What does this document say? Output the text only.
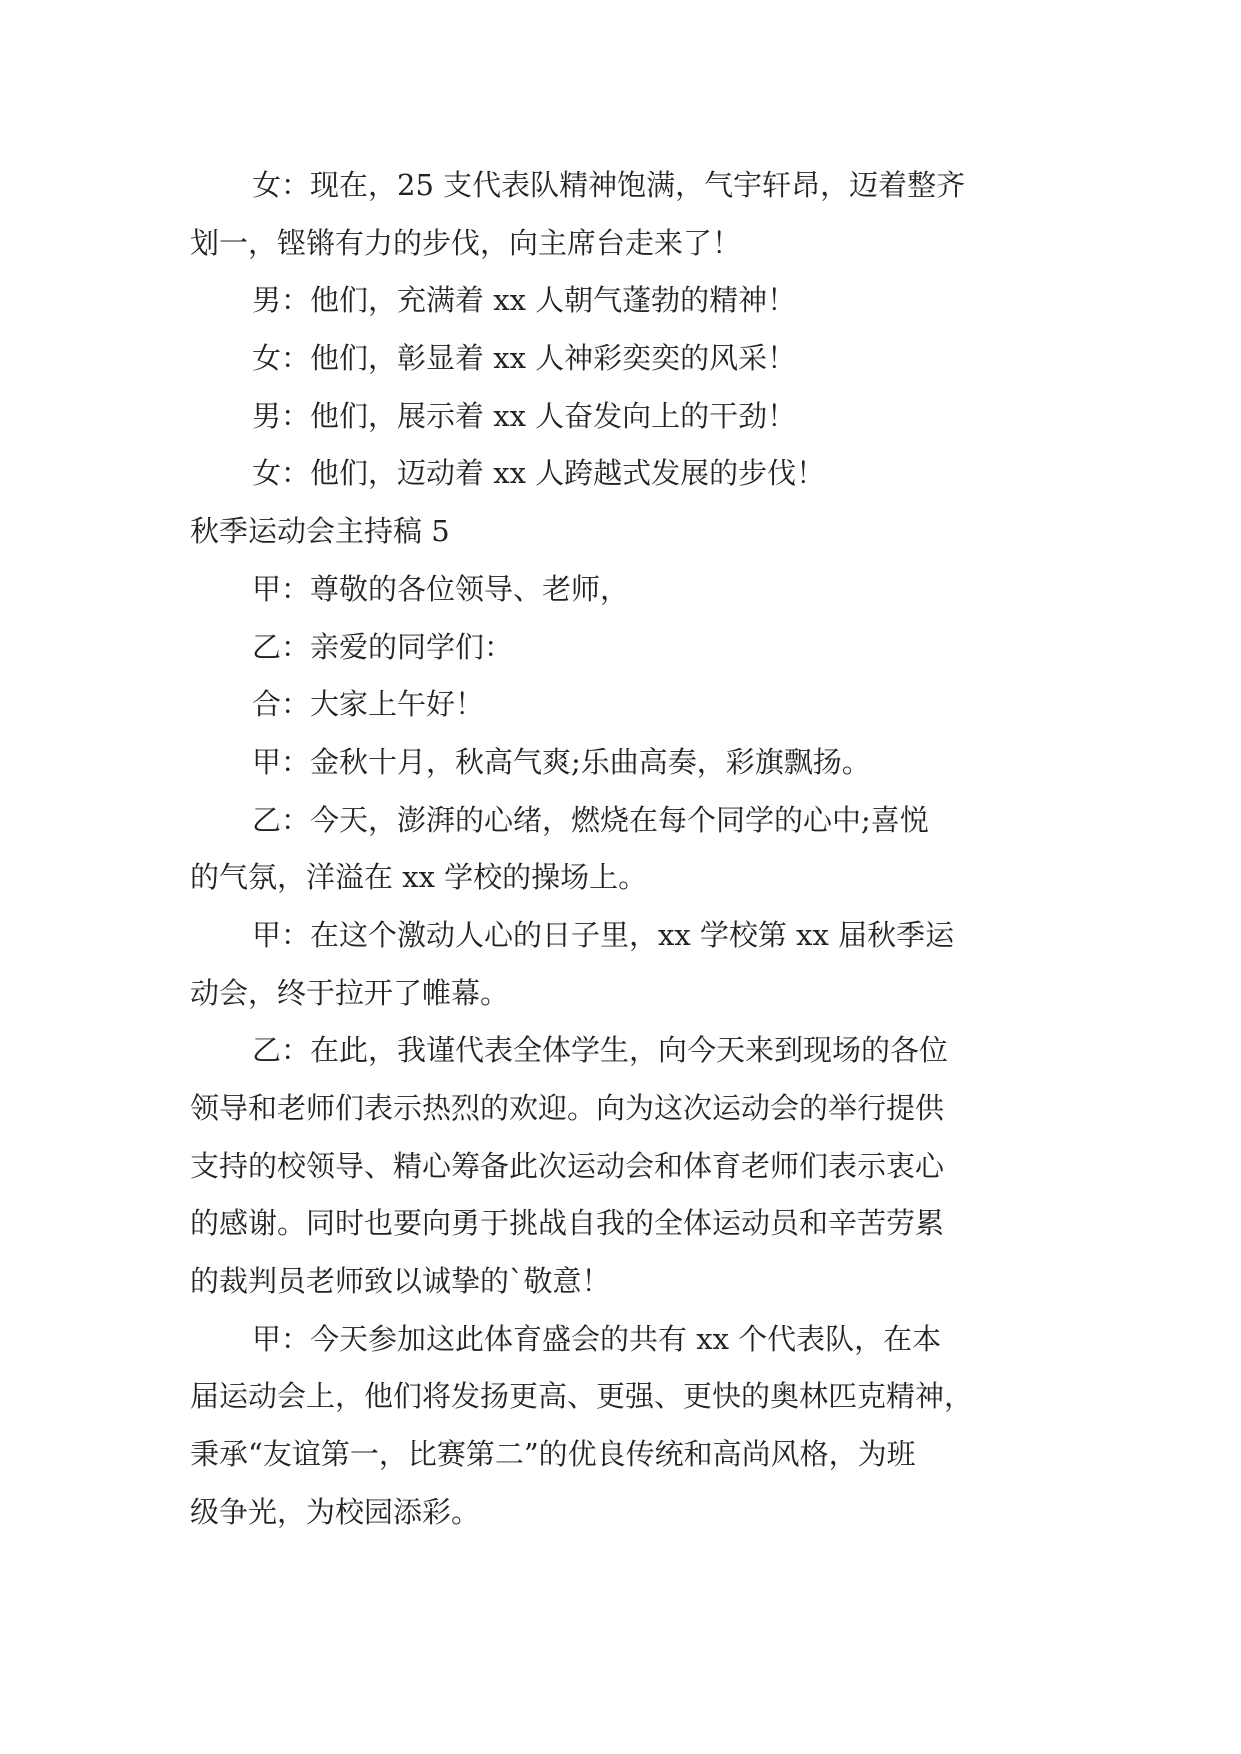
女：现在，25 支代表队精神饱满，气宇轩昂，迈着整齐
划一，铿锵有力的步伐，向主席台走来了！

男：他们，充满着 xx 人朝气蓬勃的精神！

女：他们，彰显着 xx 人神彩奕奕的风采！

男：他们，展示着 xx 人奋发向上的干劲！

女：他们，迈动着 xx 人跨越式发展的步伐！

秋季运动会主持稿 5

甲：尊敬的各位领导、老师，

乙：亲爱的同学们：

合：大家上午好！

甲：金秋十月，秋高气爽;乐曲高奏，彩旗飘扬。

乙：今天，澎湃的心绪，燃烧在每个同学的心中;喜悦
的气氛，洋溢在 xx 学校的操场上。

甲：在这个激动人心的日子里，xx 学校第 xx 届秋季运
动会，终于拉开了帷幕。

乙：在此，我谨代表全体学生，向今天来到现场的各位
领导和老师们表示热烈的欢迎。向为这次运动会的举行提供
支持的校领导、精心筹备此次运动会和体育老师们表示衷心
的感谢。同时也要向勇于挑战自我的全体运动员和辛苦劳累
的裁判员老师致以诚挚的`敬意！

甲：今天参加这此体育盛会的共有 xx 个代表队，在本
届运动会上，他们将发扬更高、更强、更快的奥林匹克精神，
秉承“友谊第一，比赛第二”的优良传统和高尚风格，为班
级争光，为校园添彩。
